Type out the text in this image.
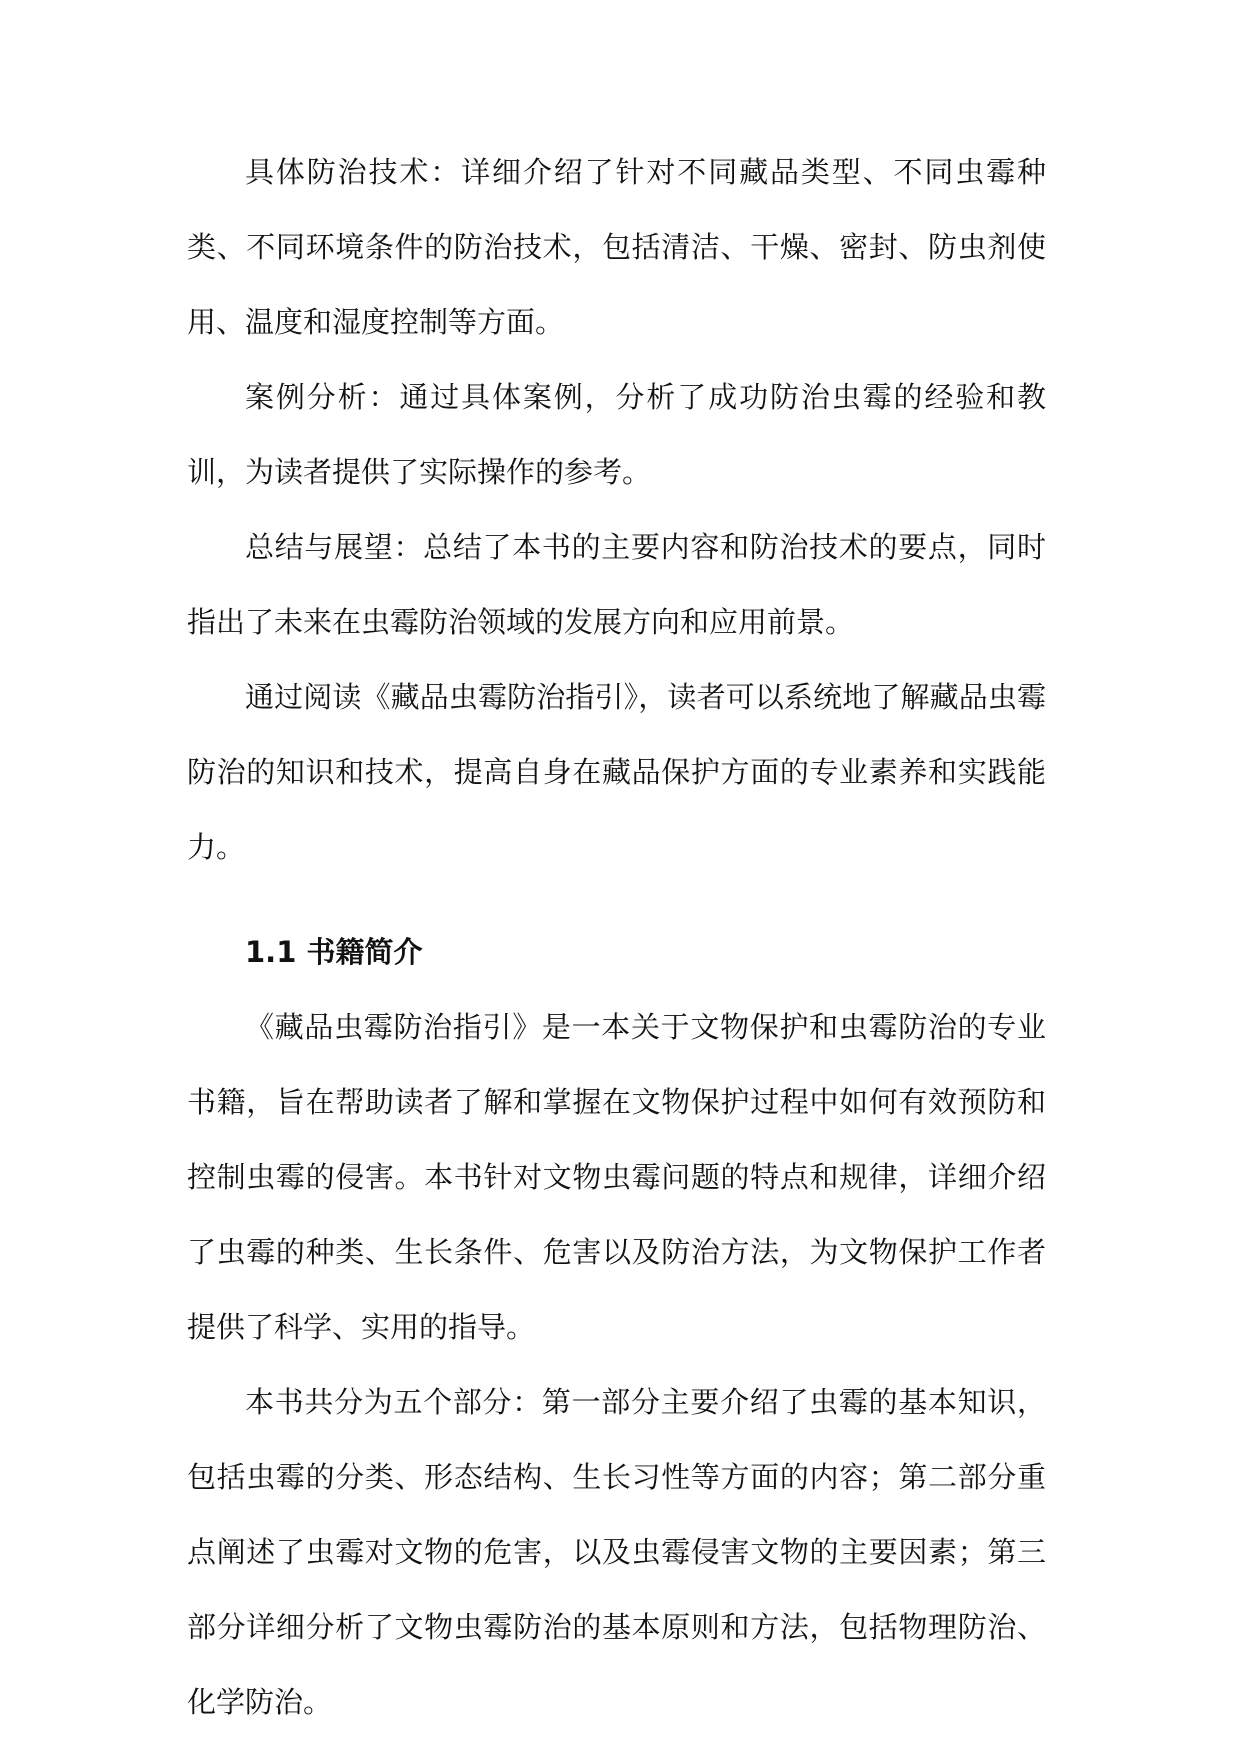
具体防治技术：详细介绍了针对不同藏品类型、不同虫霉种类、不同环境条件的防治技术，包括清洁、干燥、密封、防虫剂使用、温度和湿度控制等方面。

案例分析：通过具体案例，分析了成功防治虫霉的经验和教训，为读者提供了实际操作的参考。

总结与展望：总结了本书的主要内容和防治技术的要点，同时指出了未来在虫霉防治领域的发展方向和应用前景。

通过阅读《藏品虫霉防治指引》，读者可以系统地了解藏品虫霉防治的知识和技术，提高自身在藏品保护方面的专业素养和实践能力。

1.1 书籍简介

《藏品虫霉防治指引》是一本关于文物保护和虫霉防治的专业书籍，旨在帮助读者了解和掌握在文物保护过程中如何有效预防和控制虫霉的侵害。本书针对文物虫霉问题的特点和规律，详细介绍了虫霉的种类、生长条件、危害以及防治方法，为文物保护工作者提供了科学、实用的指导。

本书共分为五个部分：第一部分主要介绍了虫霉的基本知识，包括虫霉的分类、形态结构、生长习性等方面的内容；第二部分重点阐述了虫霉对文物的危害，以及虫霉侵害文物的主要因素；第三部分详细分析了文物虫霉防治的基本原则和方法，包括物理防治、化学防治。
